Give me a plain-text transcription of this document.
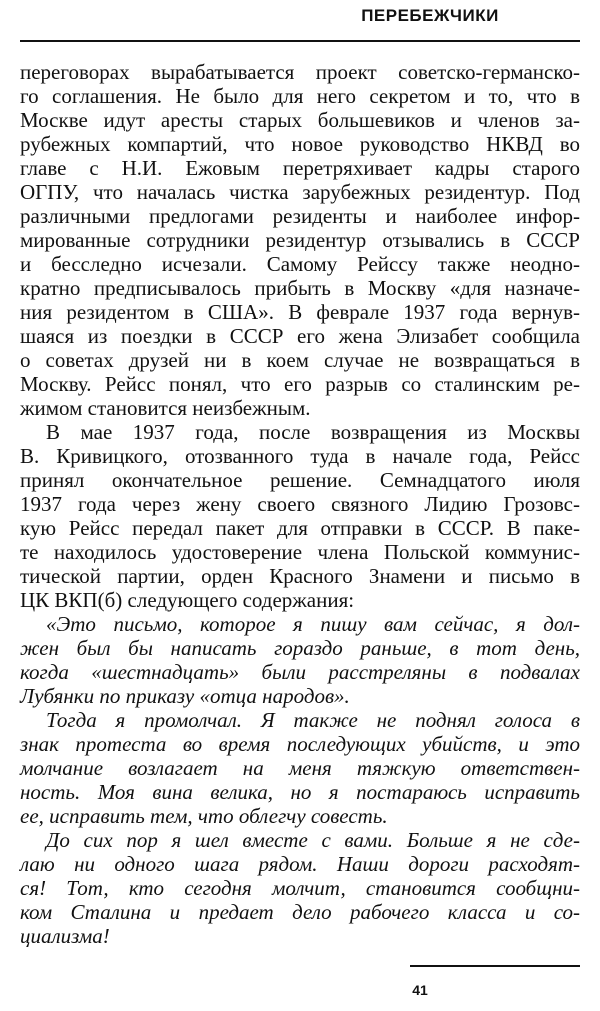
ПЕРЕБЕЖЧИКИ
переговорах вырабатывается проект советско-германско-
го соглашения. Не было для него секретом и то, что в
Москве идут аресты старых большевиков и членов за-
рубежных компартий, что новое руководство НКВД во
главе с Н.И. Ежовым перетряхивает кадры старого
ОГПУ, что началась чистка зарубежных резидентур. Под
различными предлогами резиденты и наиболее инфор-
мированные сотрудники резидентур отзывались в СССР
и бесследно исчезали. Самому Рейссу также неодно-
кратно предписывалось прибыть в Москву «для назначе-
ния резидентом в США». В феврале 1937 года вернув-
шаяся из поездки в СССР его жена Элизабет сообщила
о советах друзей ни в коем случае не возвращаться в
Москву. Рейсс понял, что его разрыв со сталинским ре-
жимом становится неизбежным.
В мае 1937 года, после возвращения из Москвы
В. Кривицкого, отозванного туда в начале года, Рейсс
принял окончательное решение. Семнадцатого июля
1937 года через жену своего связного Лидию Грозовс-
кую Рейсс передал пакет для отправки в СССР. В паке-
те находилось удостоверение члена Польской коммунис-
тической партии, орден Красного Знамени и письмо в
ЦК ВКП(б) следующего содержания:
«Это письмо, которое я пишу вам сейчас, я дол-
жен был бы написать гораздо раньше, в тот день,
когда «шестнадцать» были расстреляны в подвалах
Лубянки по приказу «отца народов».
Тогда я промолчал. Я также не поднял голоса в
знак протеста во время последующих убийств, и это
молчание возлагает на меня тяжкую ответствен-
ность. Моя вина велика, но я постараюсь исправить
ее, исправить тем, что облегчу совесть.
До сих пор я шел вместе с вами. Больше я не сде-
лаю ни одного шага рядом. Наши дороги расходят-
ся! Тот, кто сегодня молчит, становится сообщни-
ком Сталина и предает дело рабочего класса и со-
циализма!
41
